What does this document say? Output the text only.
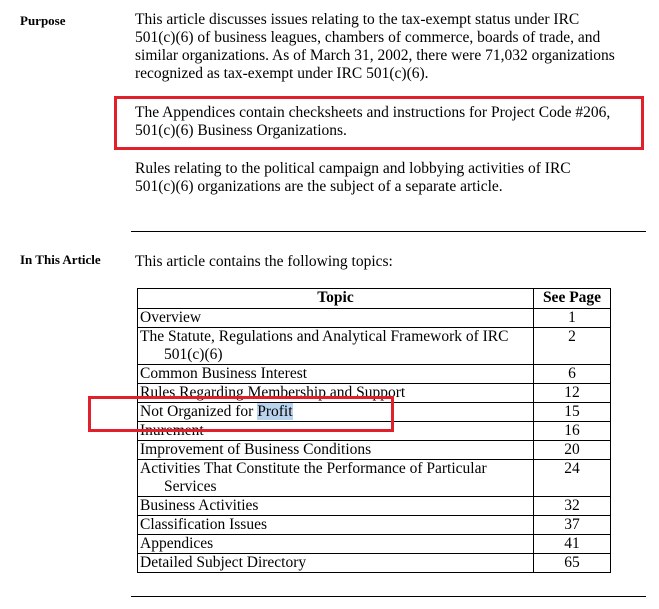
Purpose	This article discusses issues relating to the tax-exempt status under IRC
501(c)(6) of business leagues, chambers of commerce, boards of trade, and
similar organizations. As of March 31, 2002, there were 71,032 organizations
recognized as tax-exempt under IRC 501(c)(6).

The Appendices contain checksheets and instructions for Project Code #206,
501(c)(6) Business Organizations.

Rules relating to the political campaign and lobbying activities of IRC
501(c)(6) organizations are the subject of a separate article.

In This Article This article contains the following topics:

Topic	See Page
Overview	1
The Statute, Regulations and Analytical Framework of IRC
501(c)(6)	2
Common Business Interest	6
Rules Regarding Membership and Support	12
Not Organized for Profit	15
Inurement	16
Improvement of Business Conditions	20
Activities That Constitute the Performance of Particular
Services	24
Business Activities	32
Classification Issues	37
Appendices	41
Detailed Subject Directory	65
